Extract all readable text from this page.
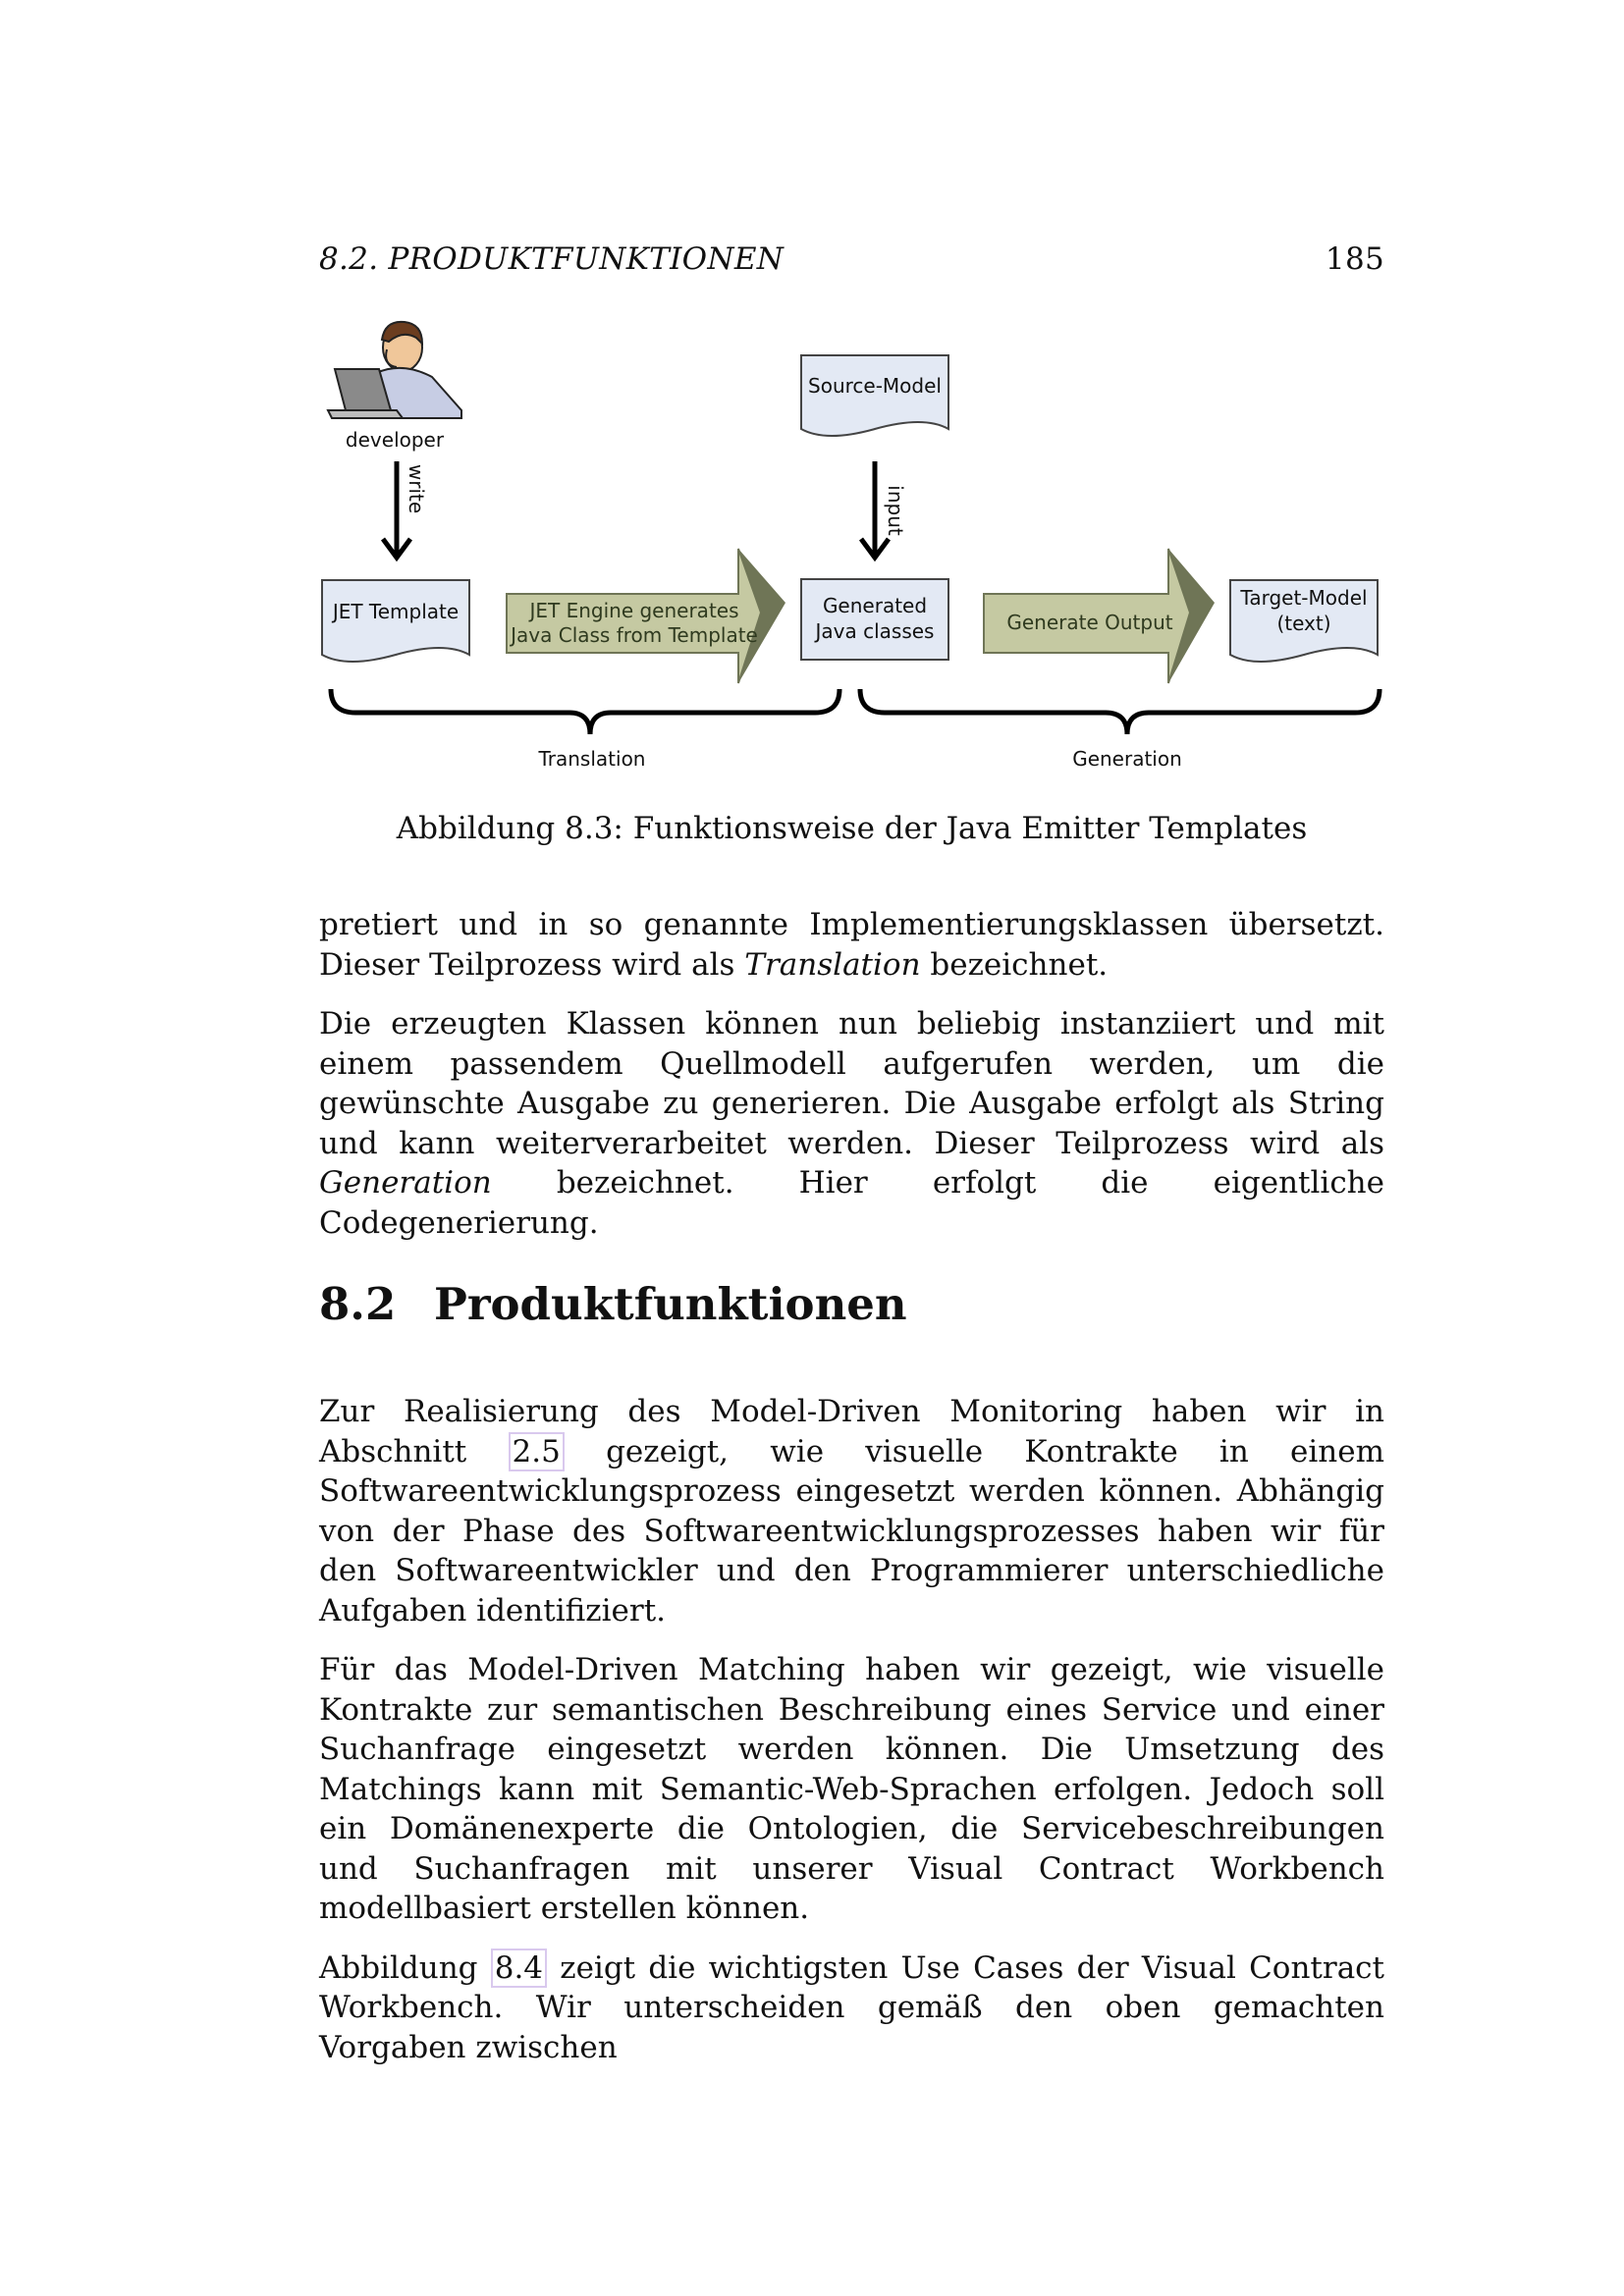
8.2. PRODUKTFUNKTIONEN	185
developer
write
Source-Model
input
JET Template	JET Engine generates
Java Class from Template
Generated
Java classes	Generate Output
Target-Model
(text)
Translation	Generation
Abbildung 8.3: Funktionsweise der Java Emitter Templates

pretiert und in so genannte Implementierungsklassen übersetzt. Dieser Teilprozess wird als Translation bezeichnet.

Die erzeugten Klassen können nun beliebig instanziiert und mit einem passendem Quellmodell aufgerufen werden, um die gewünschte Ausgabe zu generieren. Die Ausgabe erfolgt als String und kann weiterverarbeitet werden. Dieser Teilprozess wird als Generation bezeichnet. Hier erfolgt die eigentliche Codegenerierung.

8.2 Produktfunktionen

Zur Realisierung des Model-Driven Monitoring haben wir in Abschnitt 2.5 gezeigt, wie visuelle Kontrakte in einem Softwareentwicklungsprozess eingesetzt werden können. Abhängig von der Phase des Softwareentwicklungsprozesses haben wir für den Softwareentwickler und den Programmierer unterschiedliche Aufgaben identifiziert.

Für das Model-Driven Matching haben wir gezeigt, wie visuelle Kontrakte zur semantischen Beschreibung eines Service und einer Suchanfrage eingesetzt werden können. Die Umsetzung des Matchings kann mit Semantic-Web-Sprachen erfolgen. Jedoch soll ein Domänenexperte die Ontologien, die Servicebeschreibungen und Suchanfragen mit unserer Visual Contract Workbench modellbasiert erstellen können.

Abbildung 8.4 zeigt die wichtigsten Use Cases der Visual Contract Workbench. Wir unterscheiden gemäß den oben gemachten Vorgaben zwischen
